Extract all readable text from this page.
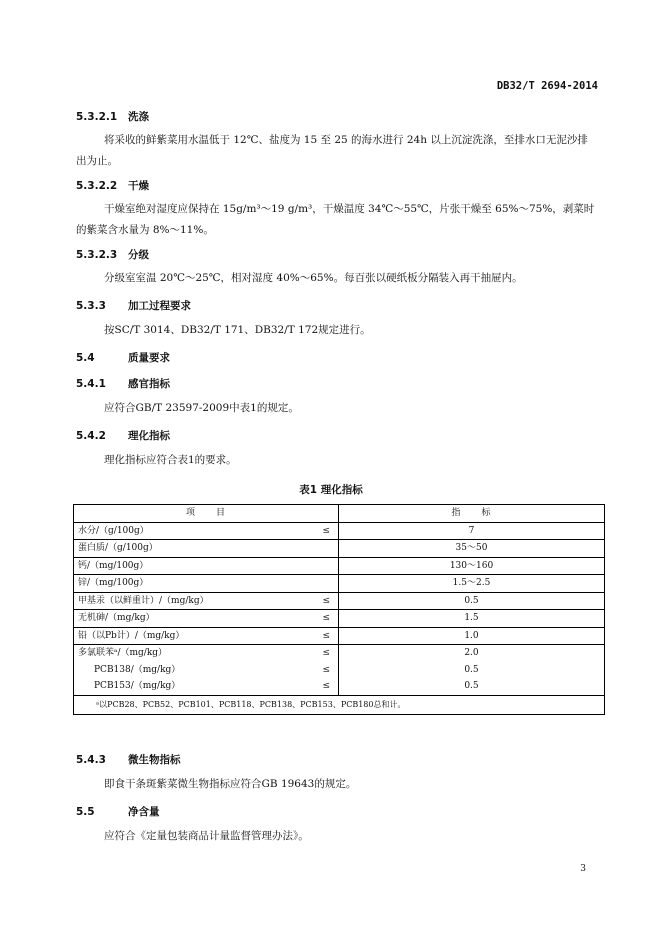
DB32/T 2694-2014
5.3.2.1 洗涤
将采收的鲜紫菜用水温低于 12℃、盐度为 15 至 25 的海水进行 24h 以上沉淀洗涤，至排水口无泥沙排出为止。
5.3.2.2 干燥
干燥室绝对湿度应保持在 15g/m³～19 g/m³，干燥温度 34℃～55℃，片张干燥至 65%～75%，剥菜时的紫菜含水量为 8%～11%。
5.3.2.3 分级
分级室室温 20℃～25℃，相对湿度 40%～65%。每百张以硬纸板分隔装入再干抽屉内。
5.3.3 加工过程要求
按SC/T 3014、DB32/T 171、DB32/T 172规定进行。
5.4	质量要求
5.4.1 感官指标
应符合GB/T 23597-2009中表1的规定。
5.4.2 理化指标
理化指标应符合表1的要求。
表1 理化指标
项　　目	指　　标
水分/（g/100g） ≤	7
蛋白质/（g/100g）	35～50
钙/（mg/100g）	130～160
锌/（mg/100g）	1.5～2.5
甲基汞（以鲜重计）/（mg/kg） ≤	0.5
无机砷/（mg/kg） ≤	1.5
铅（以Pb计）/（mg/kg） ≤	1.0
多氯联苯ᵃ/（mg/kg） ≤	2.0
PCB138/（mg/kg） ≤	0.5
PCB153/（mg/kg） ≤	0.5
ᵃ以PCB28、PCB52、PCB101、PCB118、PCB138、PCB153、PCB180总和计。	
5.4.3 微生物指标
即食干条斑紫菜微生物指标应符合GB 19643的规定。
5.5	净含量
应符合《定量包装商品计量监督管理办法》。
3
